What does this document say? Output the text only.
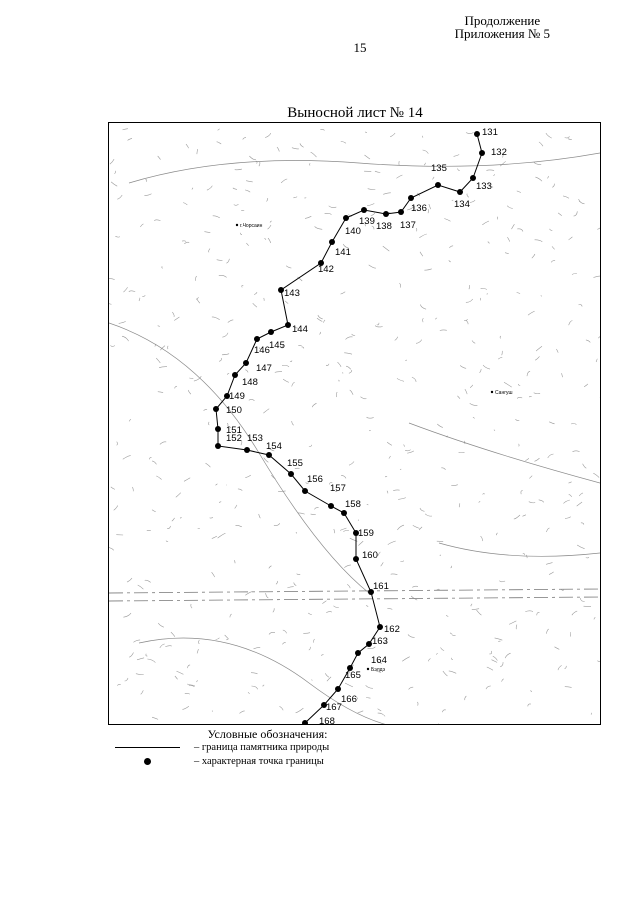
Продолжение
Приложения № 5
15
Выносной лист № 14
131
132
133
134
135
136
137
138
139
140
141
142
143
144
145
146
147
148
149
150
151
152 153
154
155
156
157
158
159
160
161
162
163
164
165
166
167
168
г.Чорсаин
Сангуш
Бэлдэ
Условные обозначения:
– граница памятника природы
– характерная точка границы
